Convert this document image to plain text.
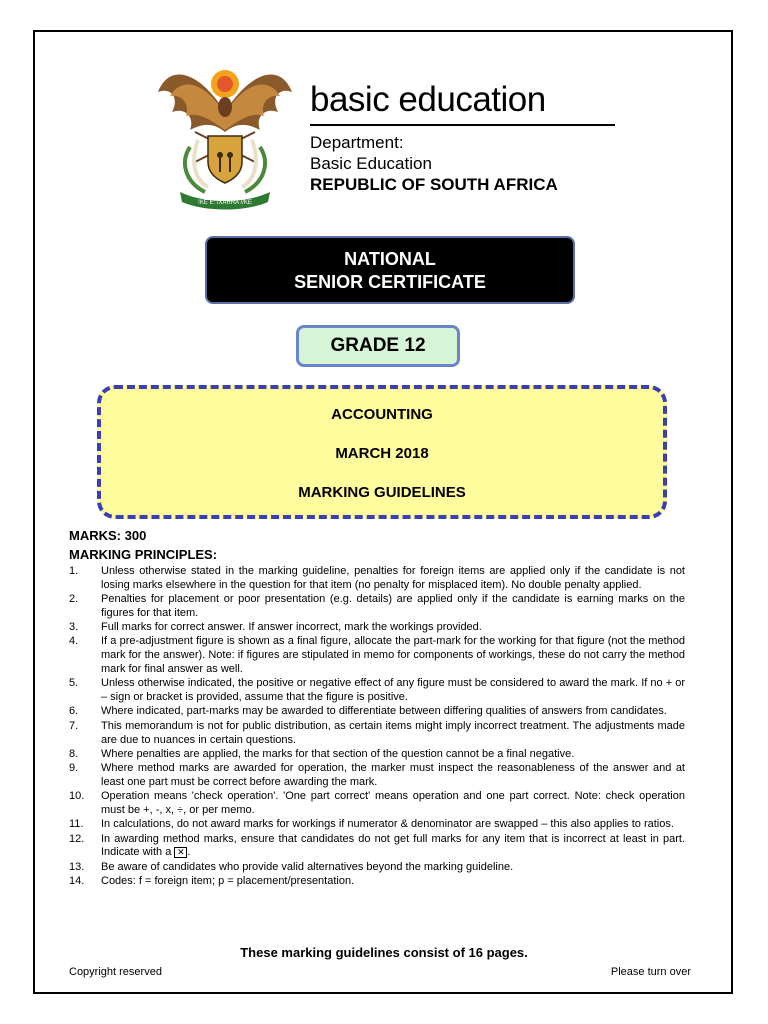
!KE E: /XARRA //KE
basic education
Department:
Basic Education
REPUBLIC OF SOUTH AFRICA
NATIONAL
SENIOR CERTIFICATE
GRADE 12
ACCOUNTING
MARCH 2018
MARKING GUIDELINES
MARKS: 300
MARKING PRINCIPLES:
1. Unless otherwise stated in the marking guideline, penalties for foreign items are applied only if the candidate is not losing marks elsewhere in the question for that item (no penalty for misplaced item). No double penalty applied.
2. Penalties for placement or poor presentation (e.g. details) are applied only if the candidate is earning marks on the figures for that item.
3. Full marks for correct answer. If answer incorrect, mark the workings provided.
4. If a pre-adjustment figure is shown as a final figure, allocate the part-mark for the working for that figure (not the method mark for the answer). Note: if figures are stipulated in memo for components of workings, these do not carry the method mark for final answer as well.
5. Unless otherwise indicated, the positive or negative effect of any figure must be considered to award the mark. If no + or – sign or bracket is provided, assume that the figure is positive.
6. Where indicated, part-marks may be awarded to differentiate between differing qualities of answers from candidates.
7. This memorandum is not for public distribution, as certain items might imply incorrect treatment. The adjustments made are due to nuances in certain questions.
8. Where penalties are applied, the marks for that section of the question cannot be a final negative.
9. Where method marks are awarded for operation, the marker must inspect the reasonableness of the answer and at least one part must be correct before awarding the mark.
10. Operation means 'check operation'. 'One part correct' means operation and one part correct. Note: check operation must be +, -, x, ÷, or per memo.
11. In calculations, do not award marks for workings if numerator & denominator are swapped – this also applies to ratios.
12. In awarding method marks, ensure that candidates do not get full marks for any item that is incorrect at least in part. Indicate with a ✕ .
13. Be aware of candidates who provide valid alternatives beyond the marking guideline.
14. Codes: f = foreign item; p = placement/presentation.
These marking guidelines consist of 16 pages.
Copyright reserved	Please turn over
